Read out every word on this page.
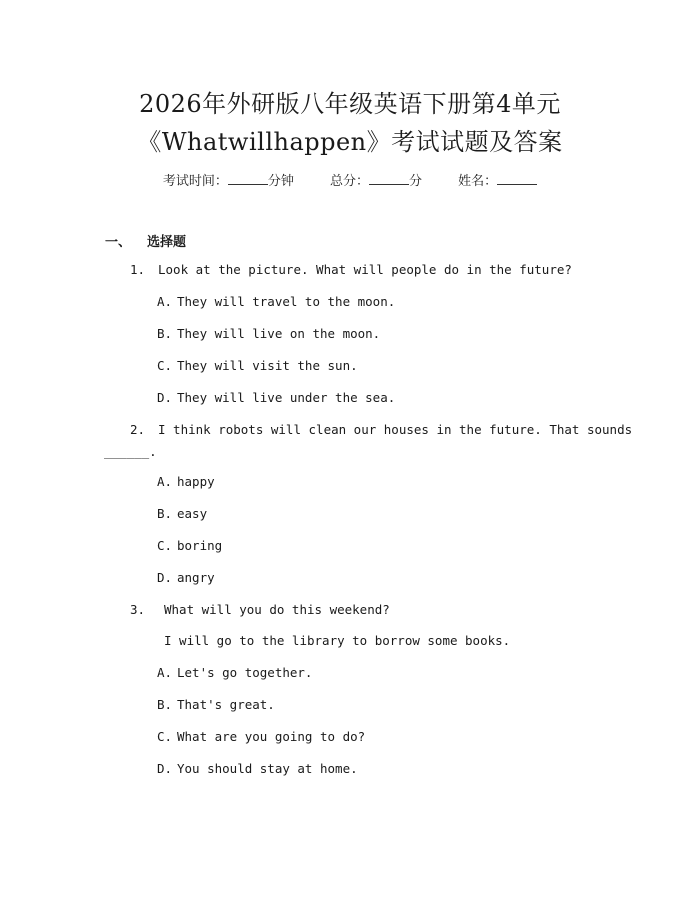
2026年外研版八年级英语下册第4单元
《Whatwillhappen》考试试题及答案
考试时间：	分钟	总分：	分	姓名：
一、 选择题
1. Look at the picture. What will people do in the future?
A. They will travel to the moon.
B. They will live on the moon.
C. They will visit the sun.
D. They will live under the sea.
2. I think robots will clean our houses in the future. That sounds
______.
A. happy
B. easy
C. boring
D. angry
3. What will you do this weekend?
I will go to the library to borrow some books.
A. Let's go together.
B. That's great.
C. What are you going to do?
D. You should stay at home.
